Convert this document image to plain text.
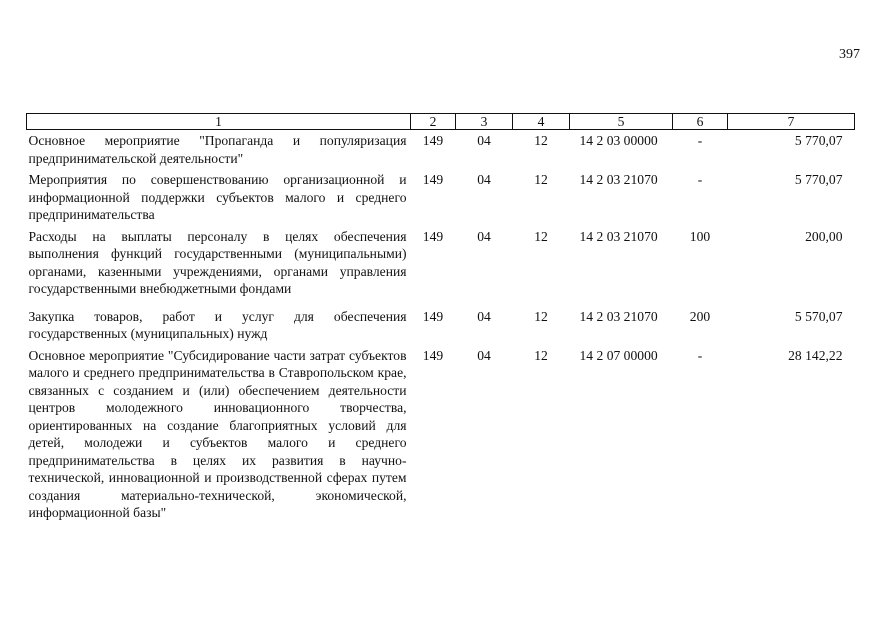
397
1	2	3	4	5	6	7
Основное мероприятие "Пропаганда и популяризация предпринимательской деятельности"	149	04	12	14 2 03 00000	-	5 770,07
Мероприятия по совершенствованию организационной и информационной поддержки субъектов малого и среднего предпринимательства	149	04	12	14 2 03 21070	-	5 770,07
Расходы на выплаты персоналу в целях обеспечения выполнения функций государственными (муниципальными) органами, казенными учреждениями, органами управления государственными внебюджетными фондами	149	04	12	14 2 03 21070	100	200,00
Закупка товаров, работ и услуг для обеспечения государственных (муниципальных) нужд	149	04	12	14 2 03 21070	200	5 570,07
Основное мероприятие "Субсидирование части затрат субъектов малого и среднего предпринимательства в Ставропольском крае, связанных с созданием и (или) обеспечением деятельности центров молодежного инновационного творчества, ориентированных на создание благоприятных условий для детей, молодежи и субъектов малого и среднего предпринимательства в целях их развития в научно-технической, инновационной и производственной сферах путем создания материально-технической, экономической, информационной базы"	149	04	12	14 2 07 00000	-	28 142,22
